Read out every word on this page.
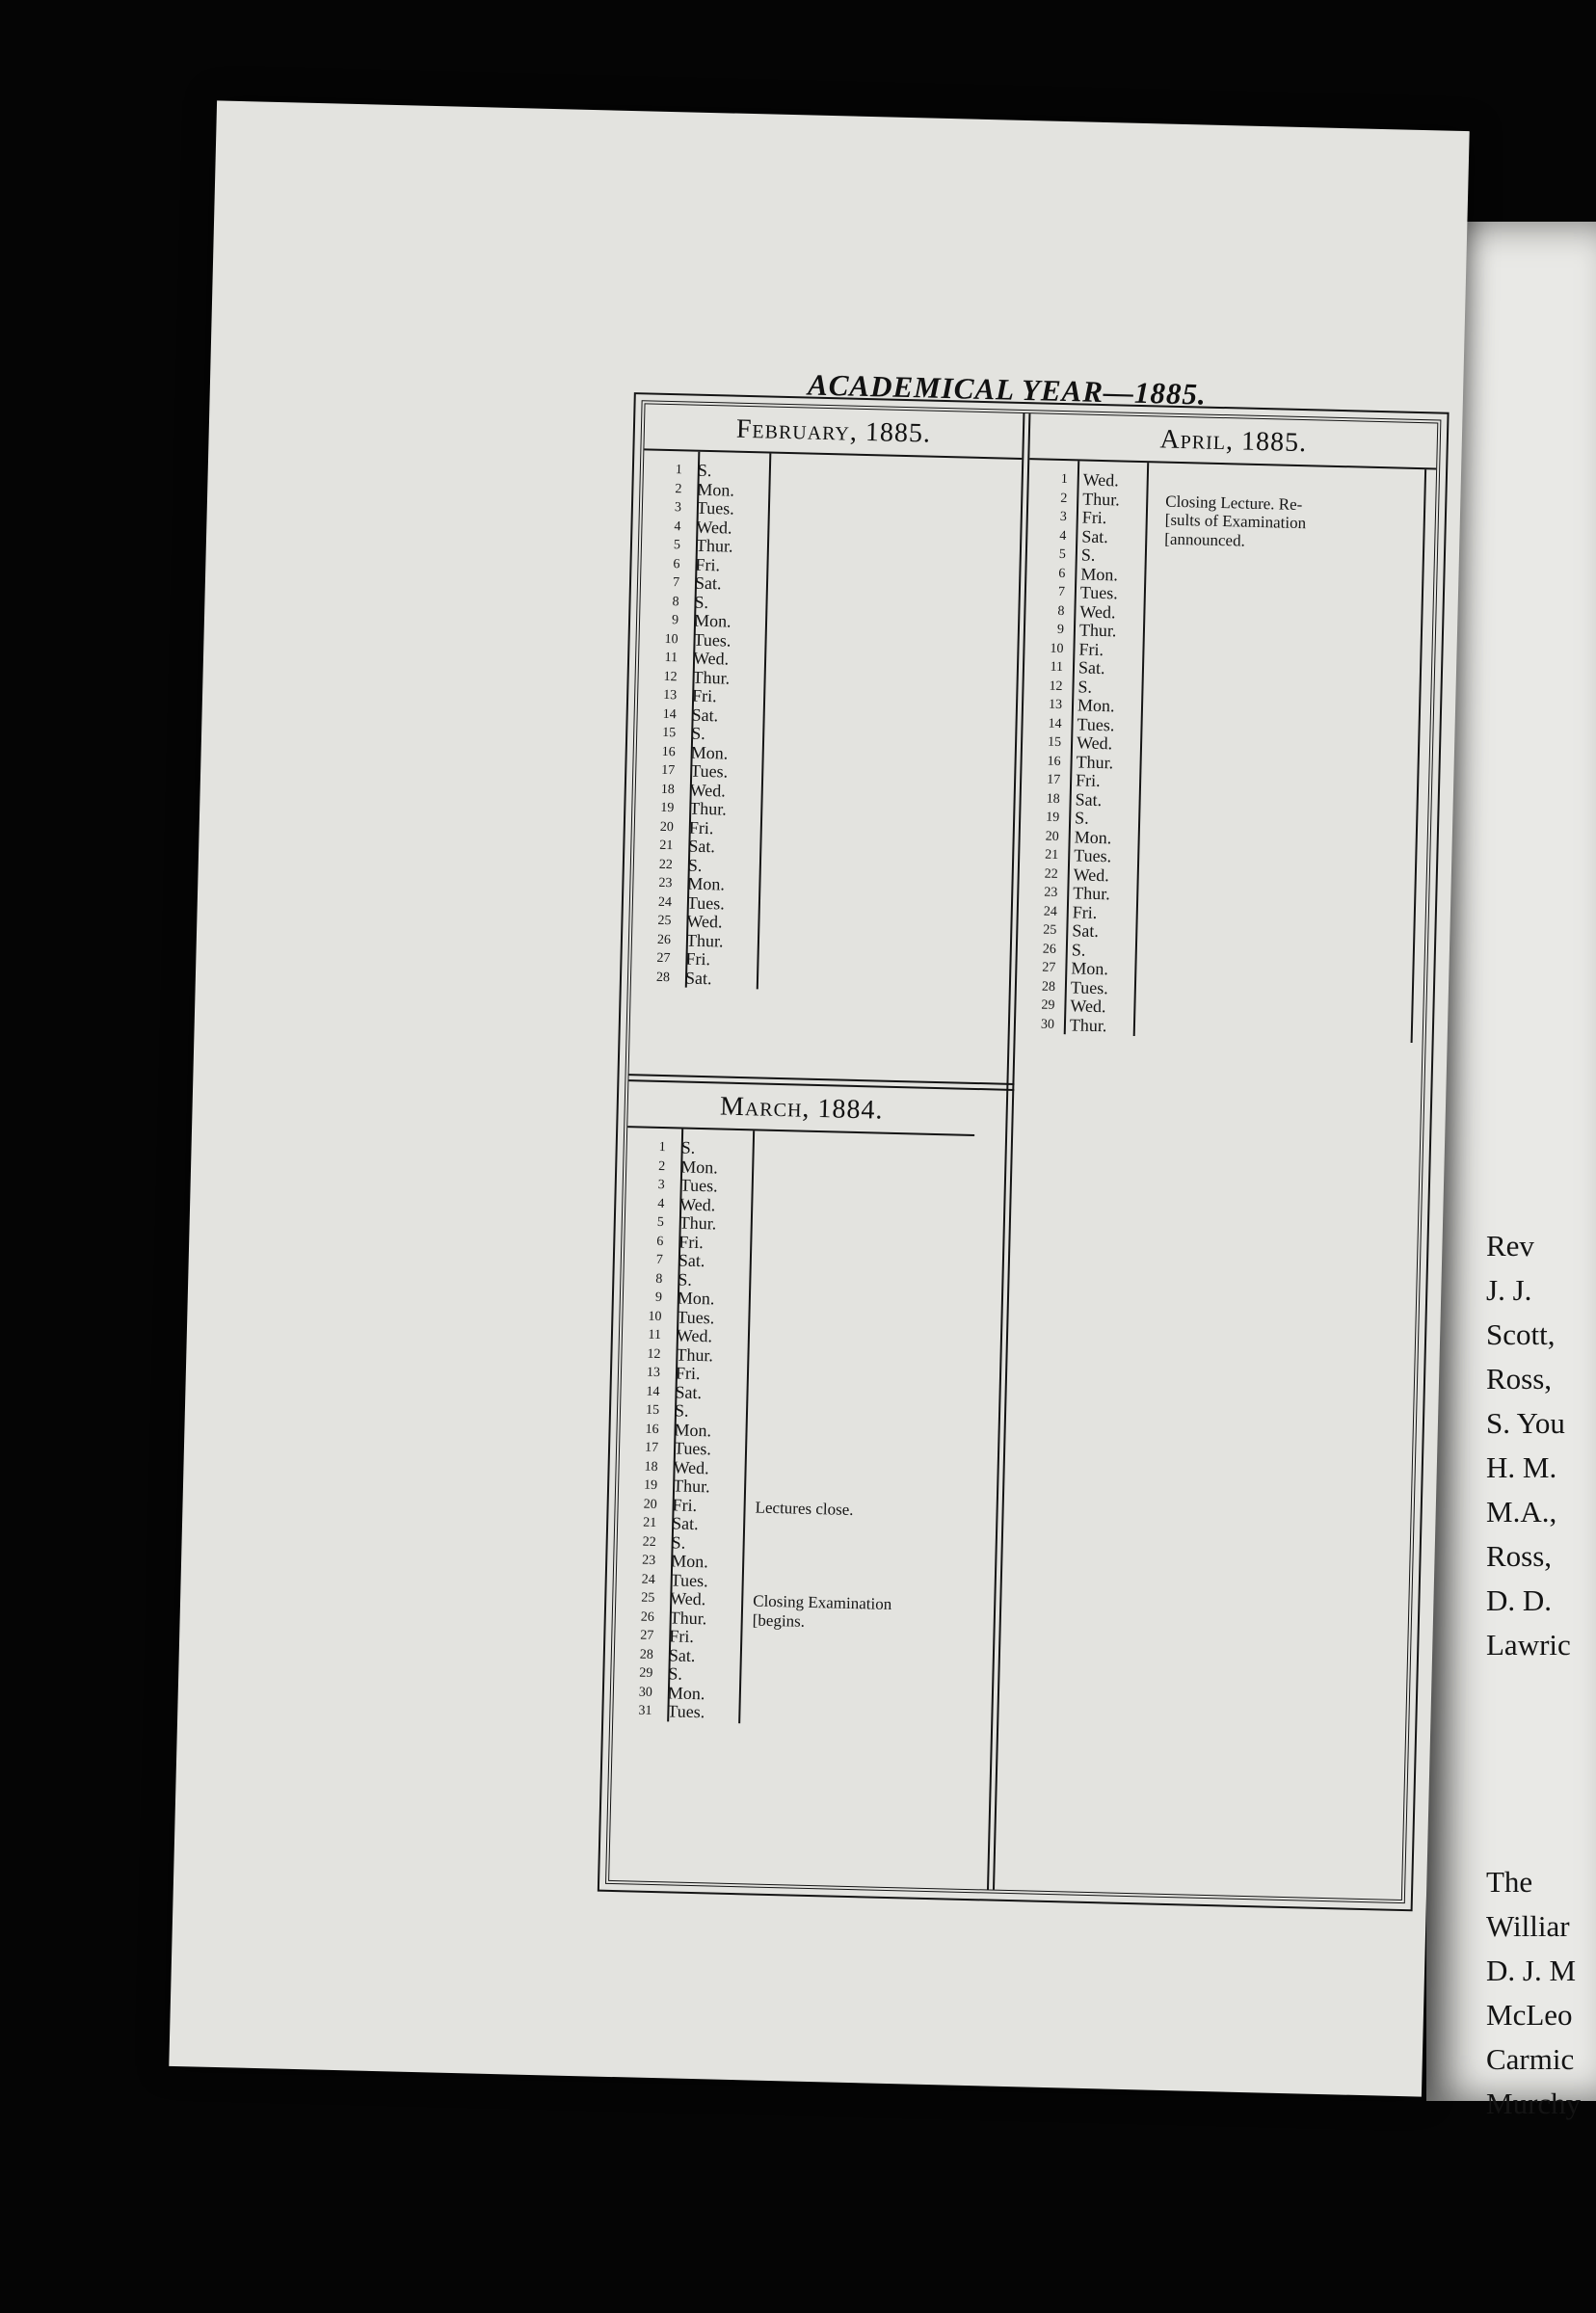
Rev
J. J.
Scott,
Ross,
S. You
H. M.
M.A.,
Ross,
D. D.
Lawric
The
Williar
D. J. M
McLeo
Carmic
Murchy
ACADEMICAL YEAR—1885.
February, 1885.
1 S.
2 Mon.
3 Tues.
4 Wed.
5 Thur.
6 Fri.
7 Sat.
8 S.
9 Mon.
10 Tues.
11 Wed.
12 Thur.
13 Fri.
14 Sat.
15 S.
16 Mon.
17 Tues.
18 Wed.
19 Thur.
20 Fri.
21 Sat.
22 S.
23 Mon.
24 Tues.
25 Wed.
26 Thur.
27 Fri.
28 Sat.
April, 1885.
1 Wed.
2 Thur.	Closing Lecture. Re-
3 Fri.	[sults of Examination
4 Sat.	[announced.
5 S.
6 Mon.
7 Tues.
8 Wed.
9 Thur.
10 Fri.
11 Sat.
12 S.
13 Mon.
14 Tues.
15 Wed.
16 Thur.
17 Fri.
18 Sat.
19 S.
20 Mon.
21 Tues.
22 Wed.
23 Thur.
24 Fri.
25 Sat.
26 S.
27 Mon.
28 Tues.
29 Wed.
30 Thur.
March, 1884.
1 S.
2 Mon.
3 Tues.
4 Wed.
5 Thur.
6 Fri.
7 Sat.
8 S.
9 Mon.
10 Tues.
11 Wed.
12 Thur.
13 Fri.
14 Sat.
15 S.
16 Mon.
17 Tues.
18 Wed.
19 Thur.
20 Fri.	Lectures close.
21 Sat.
22 S.
23 Mon.
24 Tues.
25 Wed.	Closing Examination
26 Thur.	[begins.
27 Fri.
28 Sat.
29 S.
30 Mon.
31 Tues.
